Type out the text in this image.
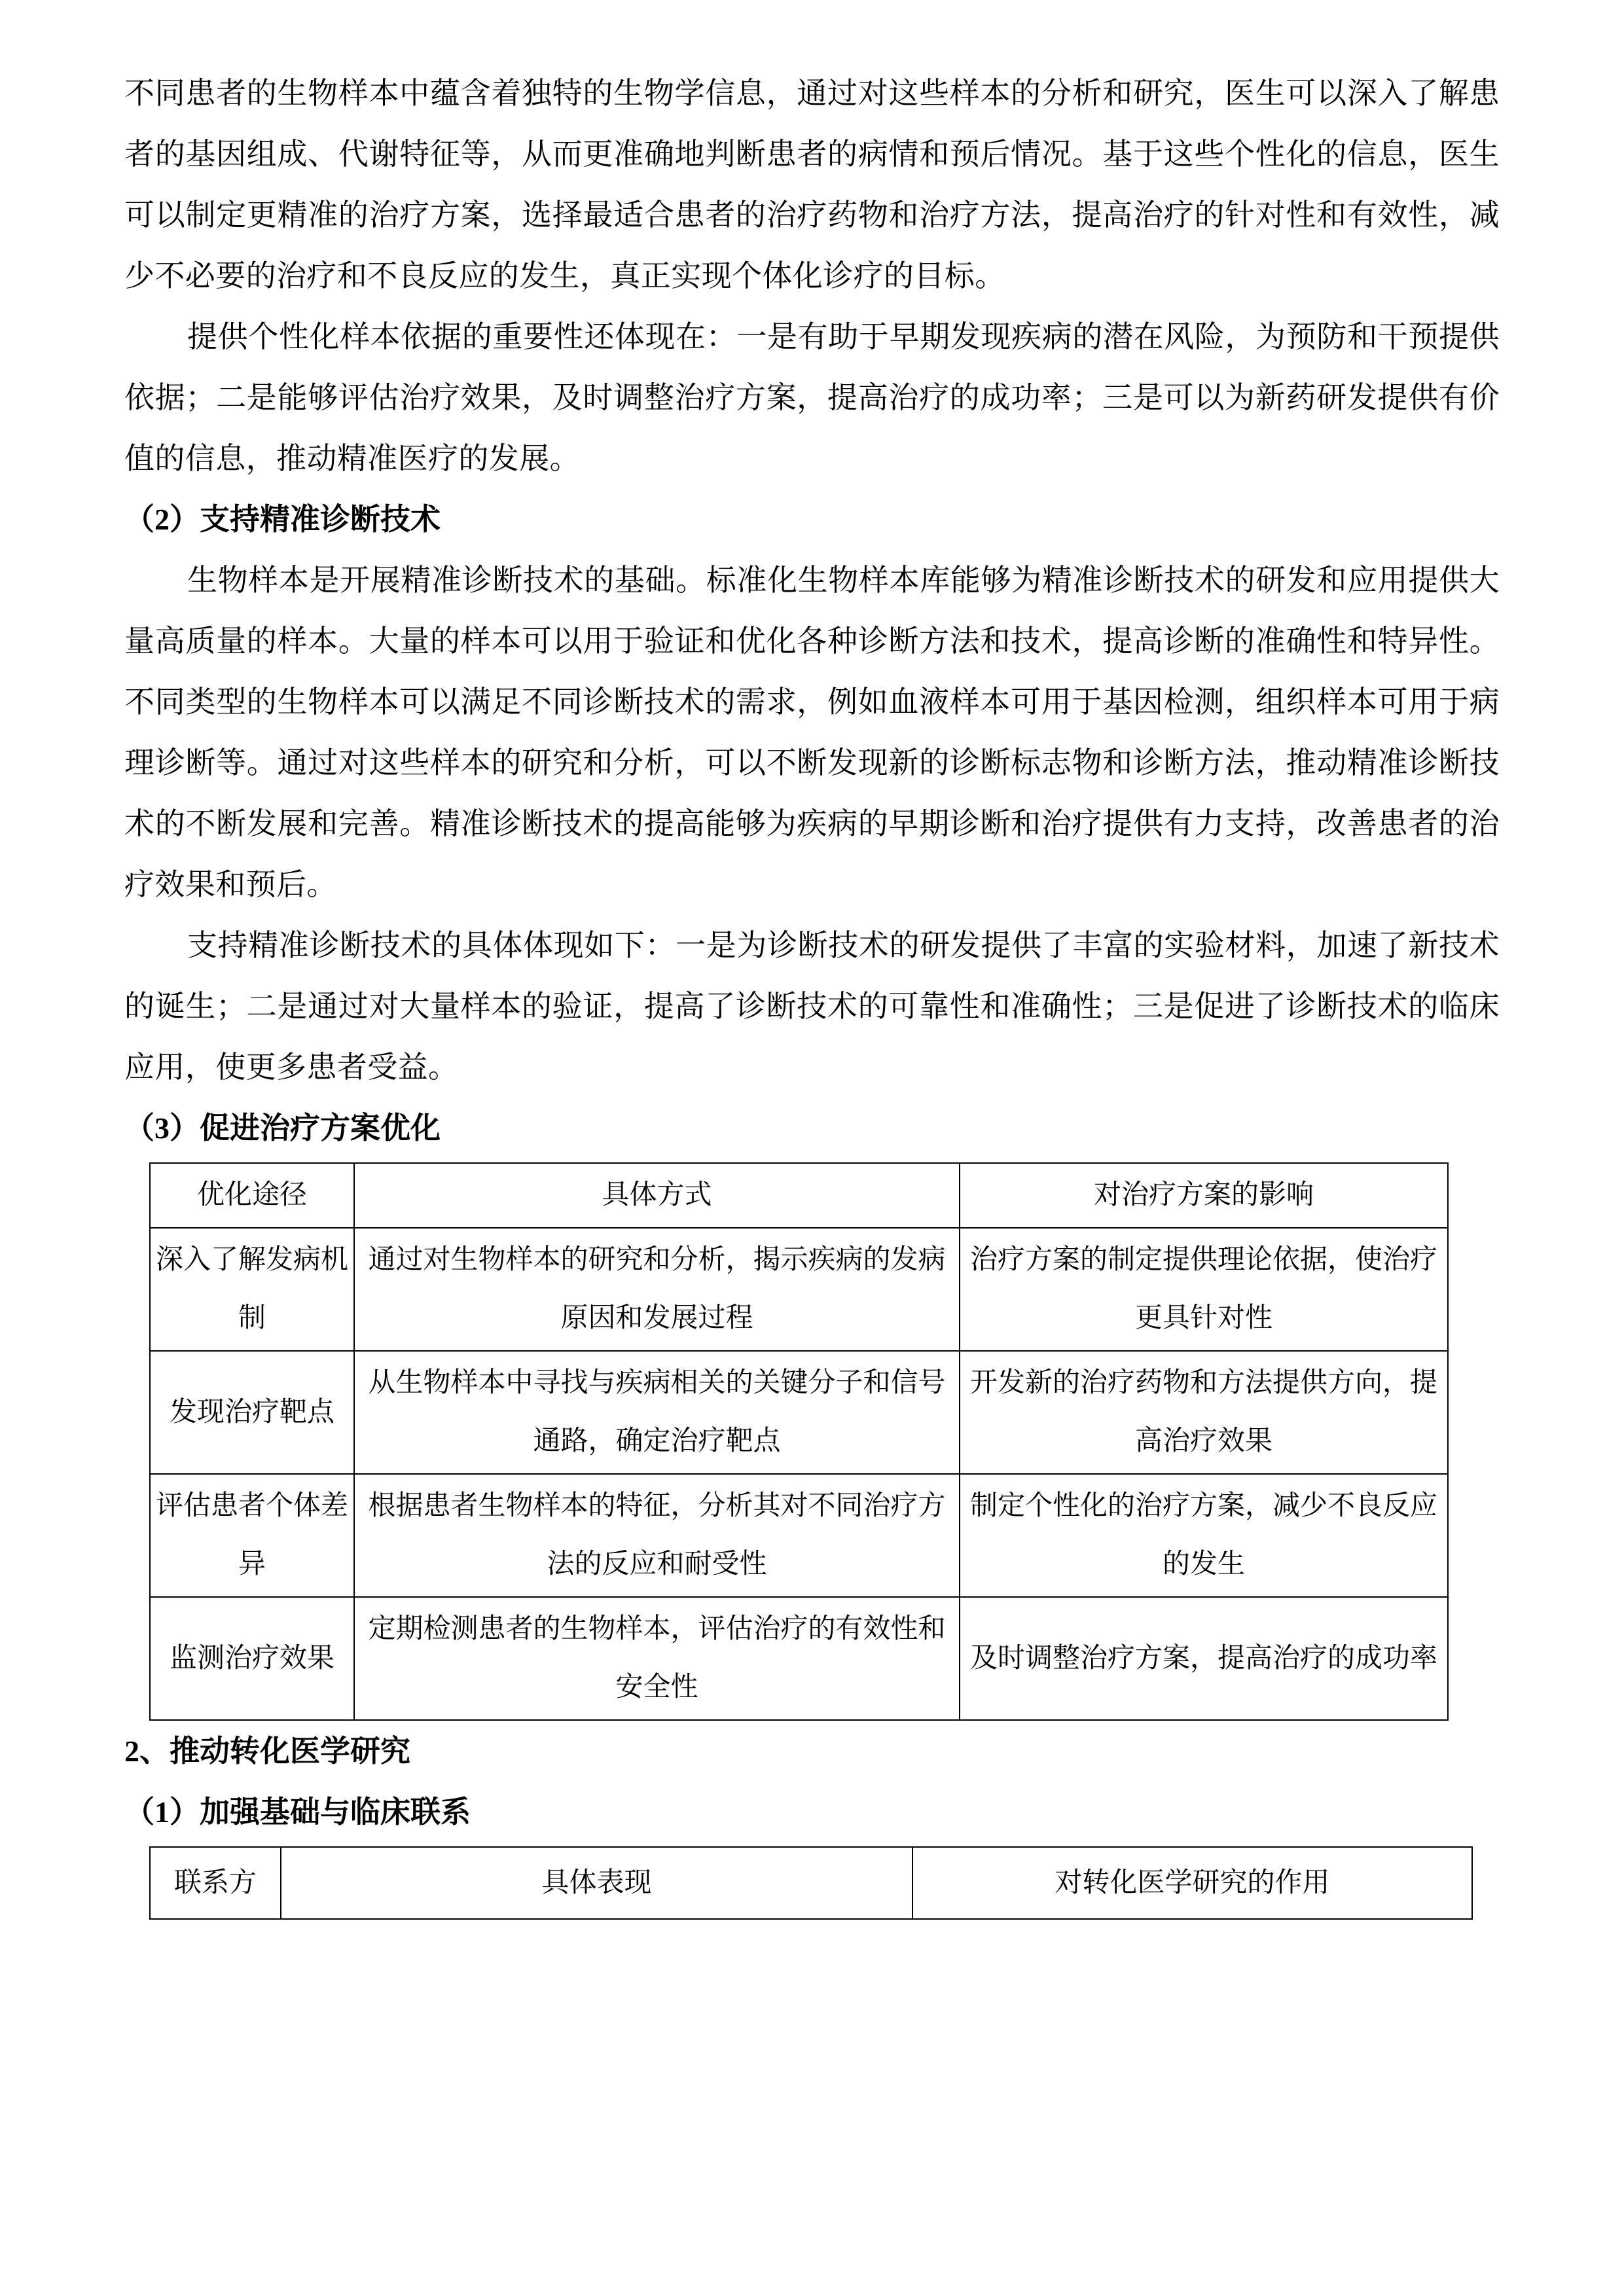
不同患者的生物样本中蕴含着独特的生物学信息，通过对这些样本的分析和研究，医生可以深入了解患者的基因组成、代谢特征等，从而更准确地判断患者的病情和预后情况。基于这些个性化的信息，医生可以制定更精准的治疗方案，选择最适合患者的治疗药物和治疗方法，提高治疗的针对性和有效性，减少不必要的治疗和不良反应的发生，真正实现个体化诊疗的目标。

提供个性化样本依据的重要性还体现在：一是有助于早期发现疾病的潜在风险，为预防和干预提供依据；二是能够评估治疗效果，及时调整治疗方案，提高治疗的成功率；三是可以为新药研发提供有价值的信息，推动精准医疗的发展。

（2）支持精准诊断技术

生物样本是开展精准诊断技术的基础。标准化生物样本库能够为精准诊断技术的研发和应用提供大量高质量的样本。大量的样本可以用于验证和优化各种诊断方法和技术，提高诊断的准确性和特异性。不同类型的生物样本可以满足不同诊断技术的需求，例如血液样本可用于基因检测，组织样本可用于病理诊断等。通过对这些样本的研究和分析，可以不断发现新的诊断标志物和诊断方法，推动精准诊断技术的不断发展和完善。精准诊断技术的提高能够为疾病的早期诊断和治疗提供有力支持，改善患者的治疗效果和预后。

支持精准诊断技术的具体体现如下：一是为诊断技术的研发提供了丰富的实验材料，加速了新技术的诞生；二是通过对大量样本的验证，提高了诊断技术的可靠性和准确性；三是促进了诊断技术的临床应用，使更多患者受益。

（3）促进治疗方案优化

优化途径	具体方式	对治疗方案的影响
深入了解发病机制	通过对生物样本的研究和分析，揭示疾病的发病原因和发展过程	治疗方案的制定提供理论依据，使治疗更具针对性
发现治疗靶点	从生物样本中寻找与疾病相关的关键分子和信号通路，确定治疗靶点	开发新的治疗药物和方法提供方向，提高治疗效果
评估患者个体差异	根据患者生物样本的特征，分析其对不同治疗方法的反应和耐受性	制定个性化的治疗方案，减少不良反应的发生
监测治疗效果	定期检测患者的生物样本，评估治疗的有效性和安全性	及时调整治疗方案，提高治疗的成功率

2、推动转化医学研究

（1）加强基础与临床联系

联系方	具体表现	对转化医学研究的作用
